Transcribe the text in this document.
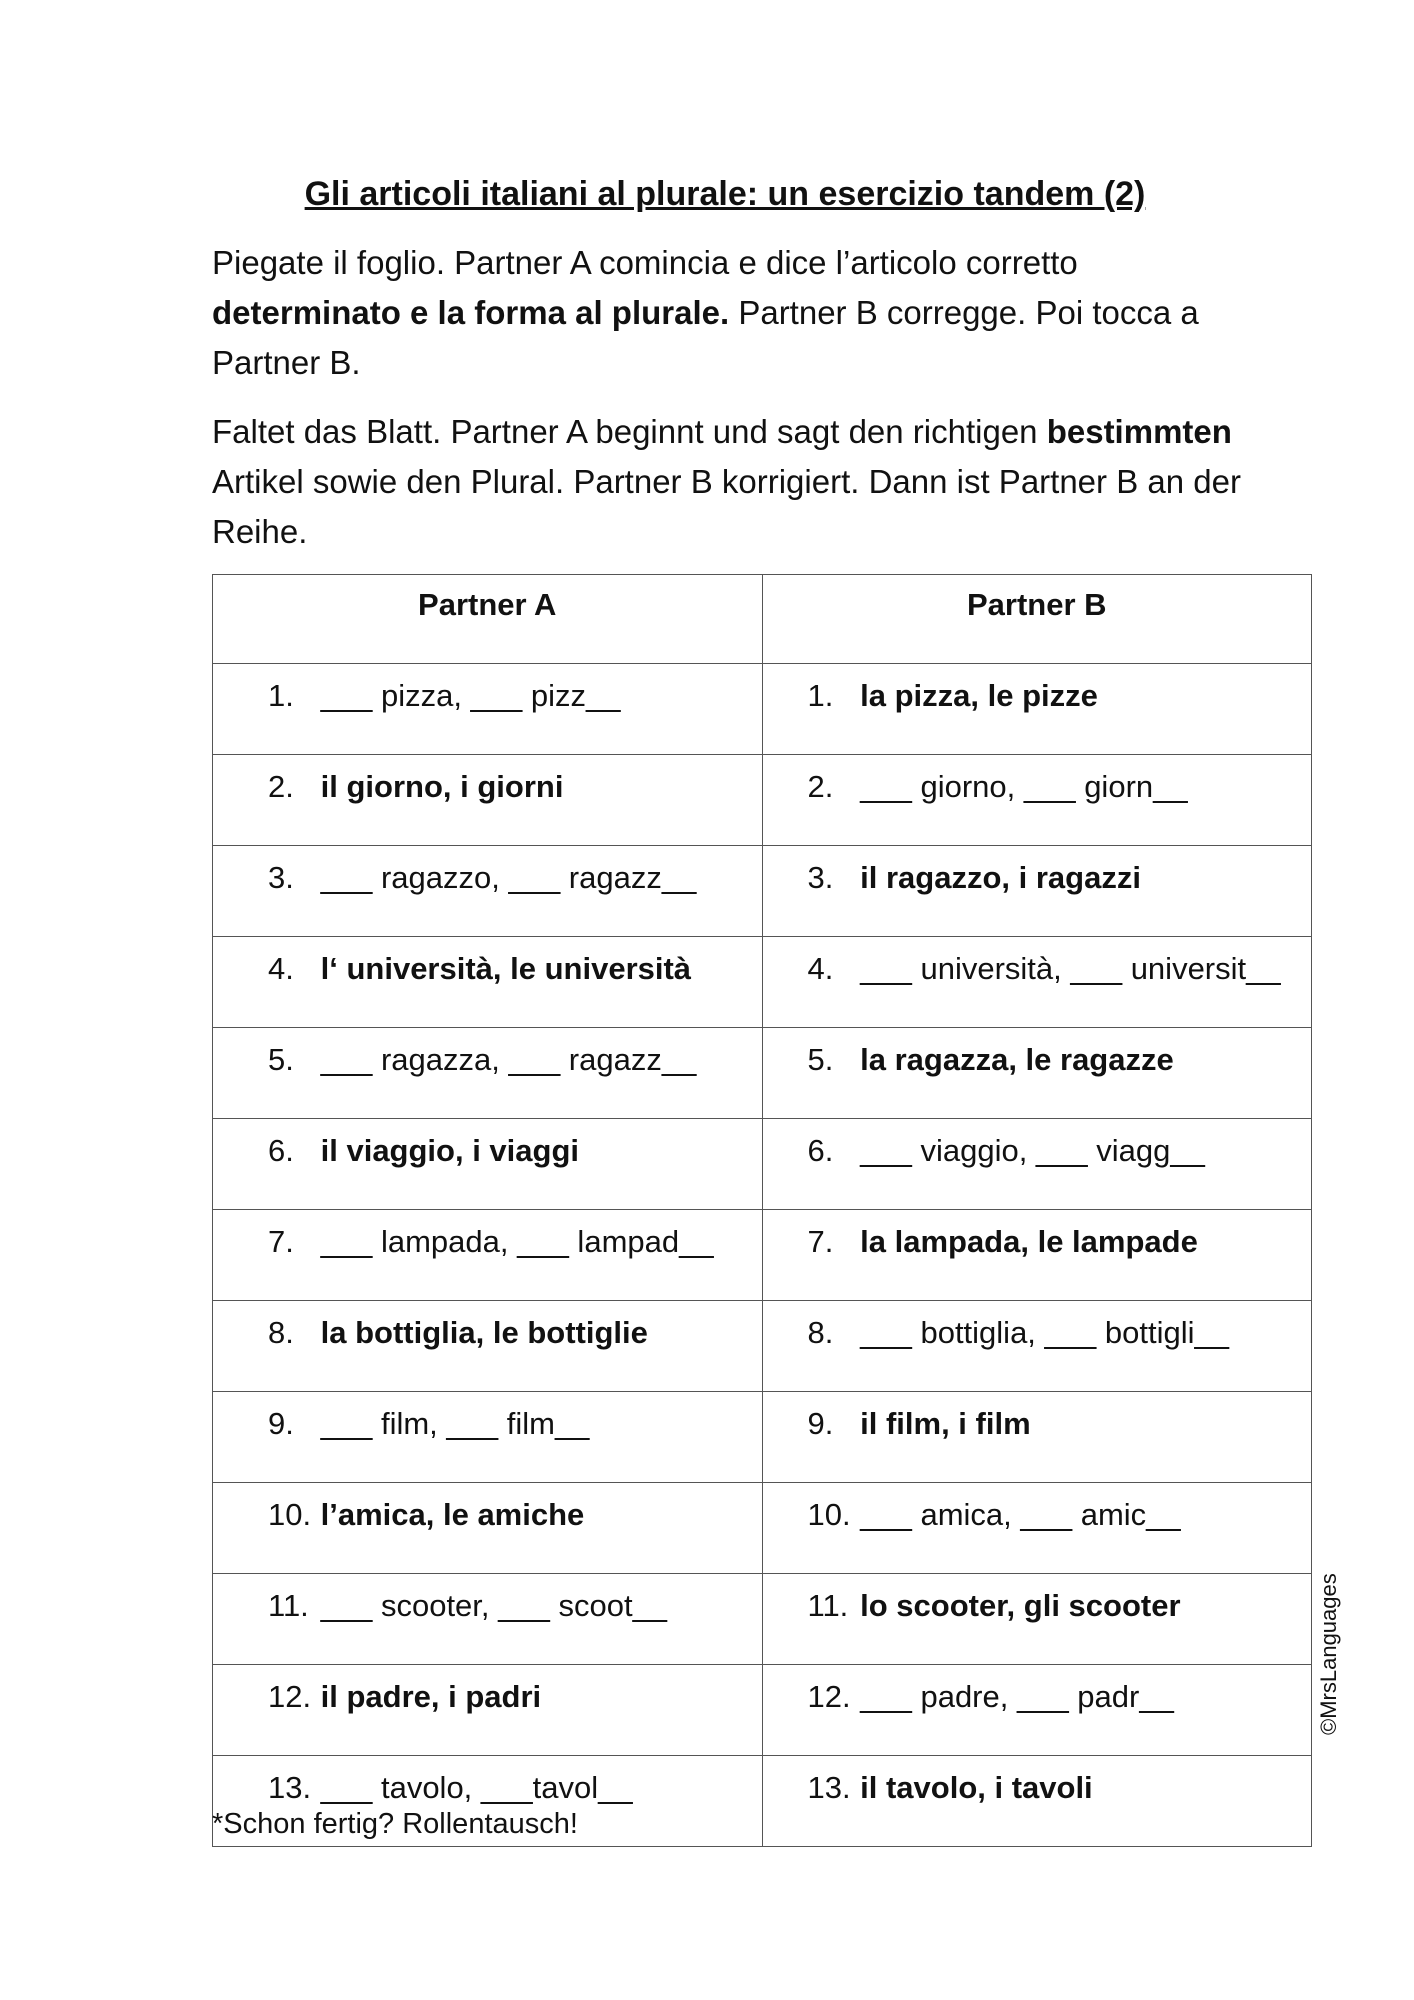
Gli articoli italiani al plurale: un esercizio tandem (2)
Piegate il foglio. Partner A comincia e dice l’articolo corretto determinato e la forma al plurale. Partner B corregge. Poi tocca a Partner B.
Faltet das Blatt. Partner A beginnt und sagt den richtigen bestimmten Artikel sowie den Plural. Partner B korrigiert. Dann ist Partner B an der Reihe.
Partner A	Partner B
1. ___ pizza, ___ pizz__	1. la pizza, le pizze
2. il giorno, i giorni	2. ___ giorno, ___ giorn__
3. ___ ragazzo, ___ ragazz__	3. il ragazzo, i ragazzi
4. l‘ università, le università	4. ___ università, ___ universit__
5. ___ ragazza, ___ ragazz__	5. la ragazza, le ragazze
6. il viaggio, i viaggi	6. ___ viaggio, ___ viagg__
7. ___ lampada, ___ lampad__	7. la lampada, le lampade
8. la bottiglia, le bottiglie	8. ___ bottiglia, ___ bottigli__
9. ___ film, ___ film__	9. il film, i film
10. l’amica, le amiche	10. ___ amica, ___ amic__
11. ___ scooter, ___ scoot__	11. lo scooter, gli scooter
12. il padre, i padri	12. ___ padre, ___ padr__
13. ___ tavolo, ___tavol__	13. il tavolo, i tavoli
*Schon fertig? Rollentausch!
©MrsLanguages
